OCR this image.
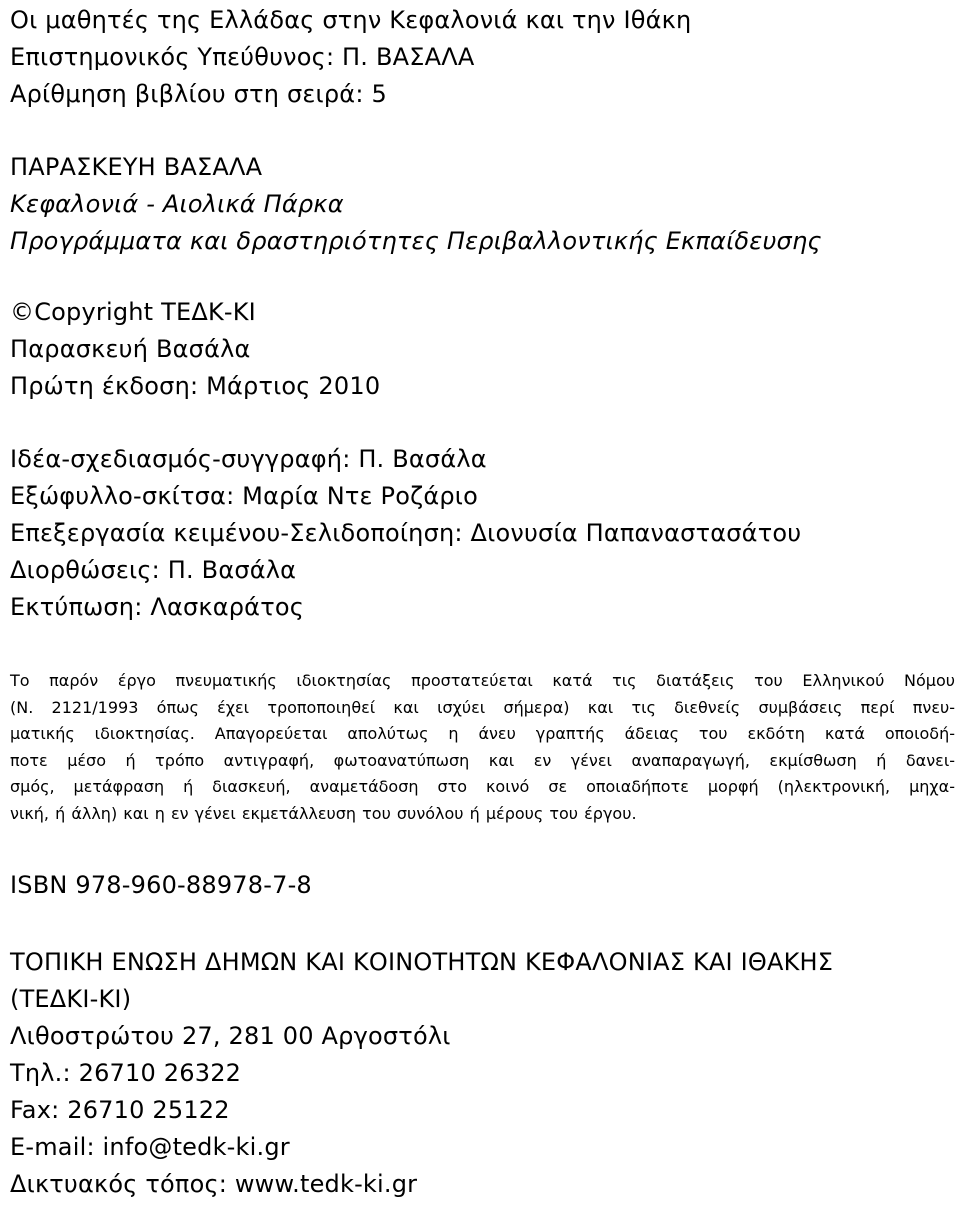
Οι μαθητές της Ελλάδας στην Κεφαλονιά και την Ιθάκη
Επιστημονικός Υπεύθυνος: Π. ΒΑΣΑΛΑ
Αρίθμηση βιβλίου στη σειρά: 5
ΠΑΡΑΣΚΕΥΗ ΒΑΣΑΛΑ
Κεφαλονιά - Αιολικά Πάρκα
Προγράμματα και δραστηριότητες Περιβαλλοντικής Εκπαίδευσης
©Copyright ΤΕΔΚ-ΚΙ
Παρασκευή Βασάλα
Πρώτη έκδοση: Μάρτιος 2010
Ιδέα-σχεδιασμός-συγγραφή: Π. Βασάλα
Εξώφυλλο-σκίτσα: Μαρία Ντε Ροζάριο
Επεξεργασία κειμένου-Σελιδοποίηση: Διονυσία Παπαναστασάτου
Διορθώσεις: Π. Βασάλα
Εκτύπωση: Λασκαράτος
Το παρόν έργο πνευματικής ιδιοκτησίας προστατεύεται κατά τις διατάξεις του Ελληνικού Νόμου
(Ν. 2121/1993 όπως έχει τροποποιηθεί και ισχύει σήμερα) και τις διεθνείς συμβάσεις περί πνευ-
ματικής ιδιοκτησίας. Απαγορεύεται απολύτως η άνευ γραπτής άδειας του εκδότη κατά οποιοδή-
ποτε μέσο ή τρόπο αντιγραφή, φωτοανατύπωση και εν γένει αναπαραγωγή, εκμίσθωση ή δανει-
σμός, μετάφραση ή διασκευή, αναμετάδοση στο κοινό σε οποιαδήποτε μορφή (ηλεκτρονική, μηχα-
νική, ή άλλη) και η εν γένει εκμετάλλευση του συνόλου ή μέρους του έργου.
ISBN 978-960-88978-7-8
ΤΟΠΙΚΗ ΕΝΩΣΗ ΔΗΜΩΝ ΚΑΙ ΚΟΙΝΟΤΗΤΩΝ ΚΕΦΑΛΟΝΙΑΣ ΚΑΙ ΙΘΑΚΗΣ
(ΤΕΔΚΙ-ΚΙ)
Λιθοστρώτου 27, 281 00 Αργοστόλι
Τηλ.: 26710 26322
Fax: 26710 25122
E-mail: info@tedk-ki.gr
Δικτυακός τόπος: www.tedk-ki.gr
